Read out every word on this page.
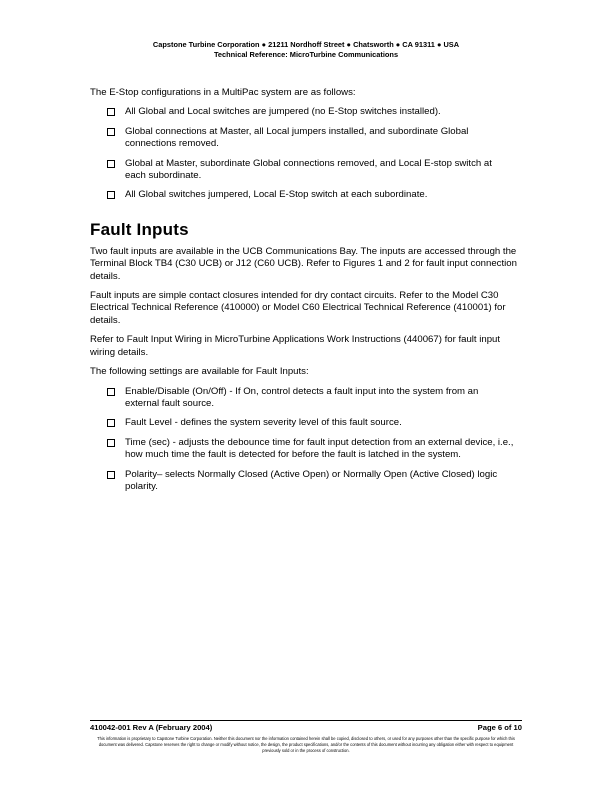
Capstone Turbine Corporation ● 21211 Nordhoff Street ● Chatsworth ● CA 91311 ● USA
Technical Reference: MicroTurbine Communications

The E-Stop configurations in a MultiPac system are as follows:

All Global and Local switches are jumpered (no E-Stop switches installed).
Global connections at Master, all Local jumpers installed, and subordinate Global connections removed.
Global at Master, subordinate Global connections removed, and Local E-stop switch at each subordinate.
All Global switches jumpered, Local E-Stop switch at each subordinate.
Fault Inputs

Two fault inputs are available in the UCB Communications Bay. The inputs are accessed through the Terminal Block TB4 (C30 UCB) or J12 (C60 UCB). Refer to Figures 1 and 2 for fault input connection details.

Fault inputs are simple contact closures intended for dry contact circuits. Refer to the Model C30 Electrical Technical Reference (410000) or Model C60 Electrical Technical Reference (410001) for details.

Refer to Fault Input Wiring in MicroTurbine Applications Work Instructions (440067) for fault input wiring details.

The following settings are available for Fault Inputs:

Enable/Disable (On/Off) - If On, control detects a fault input into the system from an external fault source.
Fault Level - defines the system severity level of this fault source.
Time (sec) - adjusts the debounce time for fault input detection from an external device, i.e., how much time the fault is detected for before the fault is latched in the system.
Polarity– selects Normally Closed (Active Open) or Normally Open (Active Closed) logic polarity.
410042-001 Rev A (February 2004)	Page 6 of 10
This information is proprietary to Capstone Turbine Corporation. Neither this document nor the information contained herein shall be copied, disclosed to others, or used for any purposes other than the specific purpose for which this document was delivered. Capstone reserves the right to change or modify without notice, the design, the product specifications, and/or the contents of this document without incurring any obligation either with respect to equipment previously sold or in the process of construction.
